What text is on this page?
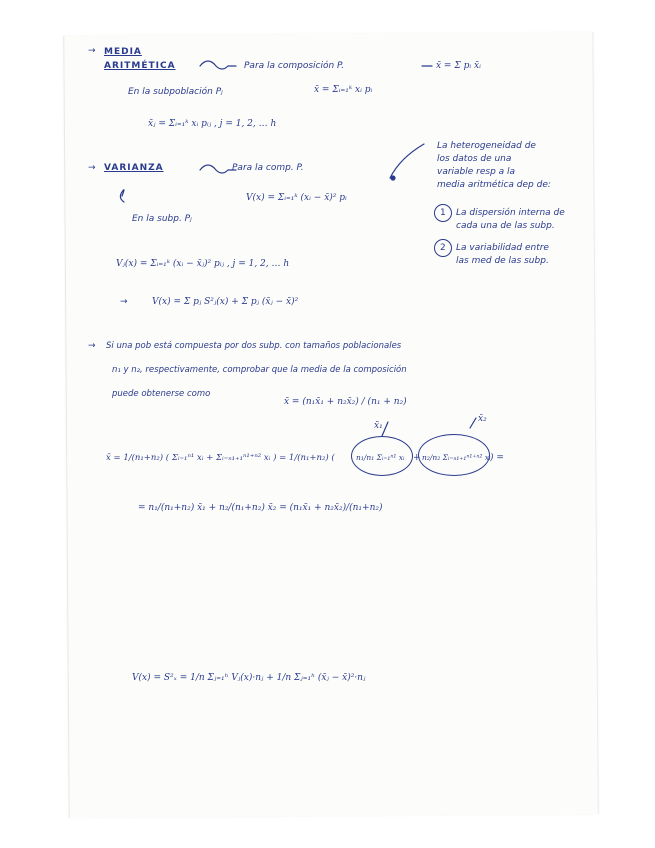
→ MEDIA ARITMÉTICA	Para la composición P.	x̄ = Σ pᵢ x̄ᵢ
x̄ = Σᵢ₌₁ᵏ xᵢ pᵢ
En la subpoblación Pⱼ
x̄ⱼ = Σᵢ₌₁ᵏ xᵢ pᵢⱼ , j = 1, 2, … h
→ VARIANZA	Para la comp. P.
V(x) = Σᵢ₌₁ᵏ (xᵢ − x̄)² pᵢ
En la subp. Pⱼ
Vⱼ(x) = Σᵢ₌₁ᵏ (xᵢ − x̄ⱼ)² pᵢⱼ , j = 1, 2, … h
→	V(x) = Σ pⱼ S²ⱼ(x) + Σ pⱼ (x̄ⱼ − x̄)²
La heterogeneidad de
los datos de una
variable resp a la
media aritmética dep de:
1 La dispersión interna de
cada una de las subp.
2 La variabilidad entre
las med de las subp.
→ Si una pob está compuesta por dos subp. con tamaños poblacionales
n₁ y n₂, respectivamente, comprobar que la media de la composición
puede obtenerse como
x̄ = (n₁x̄₁ + n₂x̄₂) / (n₁ + n₂)
x̄₂
x̄₁
x̄ = 1/(n₁+n₂) ( Σᵢ₌₁ⁿ¹ xᵢ + Σᵢ₌ₙ₁₊₁ⁿ¹⁺ⁿ² xᵢ ) = 1/(n₁+n₂) (	n₁/n₁ Σᵢ₌₁ⁿ¹ xᵢ + n₂/n₂ Σᵢ₌ₙ₁₊₁ⁿ¹⁺ⁿ² xᵢ ) =
= n₁/(n₁+n₂) x̄₁ + n₂/(n₁+n₂) x̄₂ = (n₁x̄₁ + n₂x̄₂)/(n₁+n₂)
V(x) = S²ₓ = 1/n Σⱼ₌₁ʰ Vⱼ(x)·nⱼ + 1/n Σⱼ₌₁ʰ (x̄ⱼ − x̄)²·nⱼ
